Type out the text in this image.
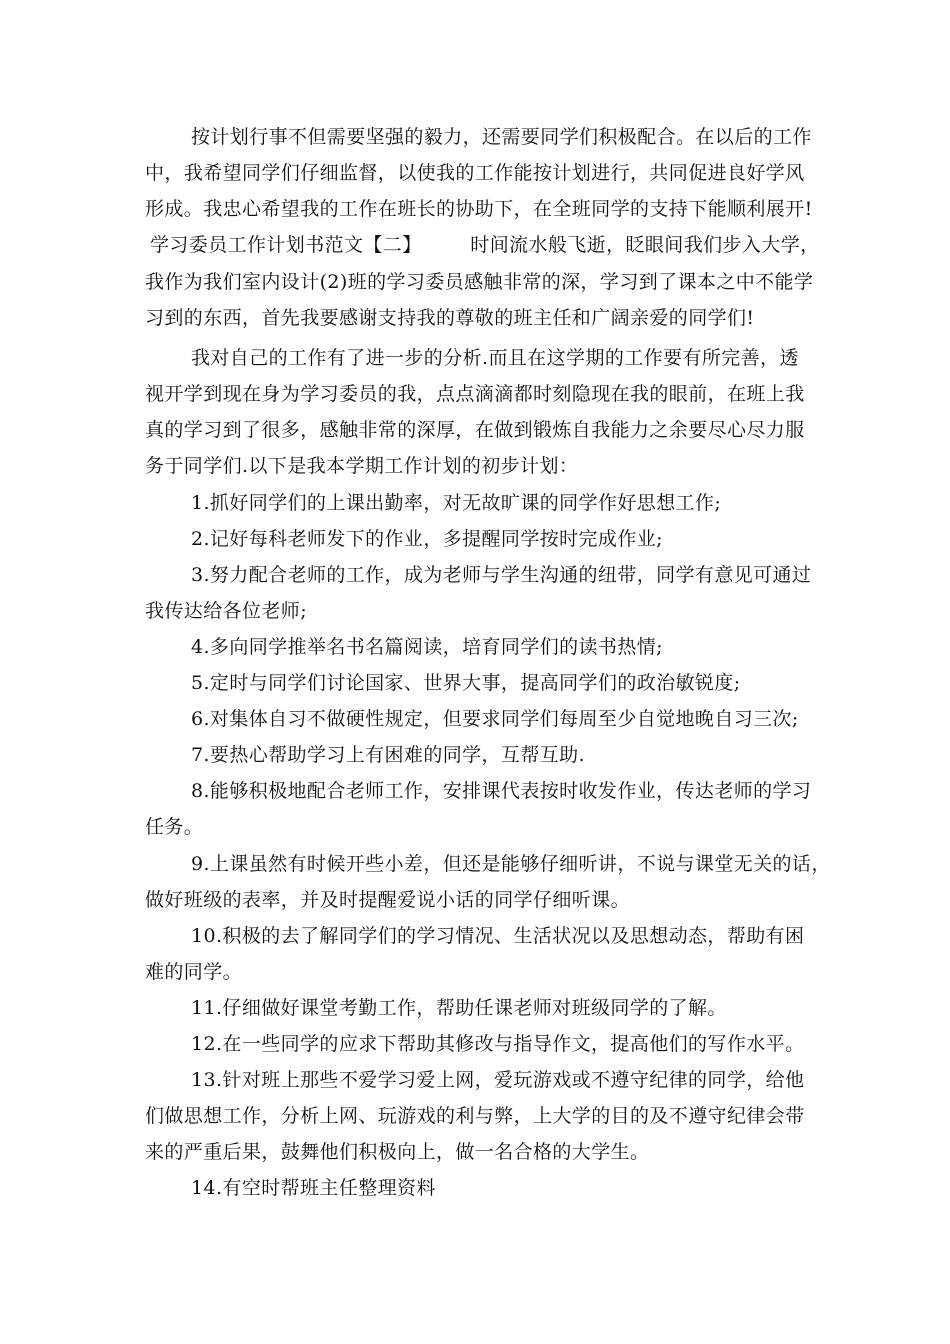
按计划行事不但需要坚强的毅力，还需要同学们积极配合。在以后的工作
中，我希望同学们仔细监督，以使我的工作能按计划进行，共同促进良好学风
形成。我忠心希望我的工作在班长的协助下，在全班同学的支持下能顺利展开!
学习委员工作计划书范文【二】　　　时间流水般飞逝，眨眼间我们步入大学，
我作为我们室内设计(2)班的学习委员感触非常的深，学习到了课本之中不能学
习到的东西，首先我要感谢支持我的尊敬的班主任和广阔亲爱的同学们!
我对自己的工作有了进一步的分析.而且在这学期的工作要有所完善，透
视开学到现在身为学习委员的我，点点滴滴都时刻隐现在我的眼前，在班上我
真的学习到了很多，感触非常的深厚，在做到锻炼自我能力之余要尽心尽力服
务于同学们.以下是我本学期工作计划的初步计划：
1.抓好同学们的上课出勤率，对无故旷课的同学作好思想工作;
2.记好每科老师发下的作业，多提醒同学按时完成作业;
3.努力配合老师的工作，成为老师与学生沟通的纽带，同学有意见可通过
我传达给各位老师;
4.多向同学推举名书名篇阅读，培育同学们的读书热情;
5.定时与同学们讨论国家、世界大事，提高同学们的政治敏锐度;
6.对集体自习不做硬性规定，但要求同学们每周至少自觉地晚自习三次;
7.要热心帮助学习上有困难的同学，互帮互助.
8.能够积极地配合老师工作，安排课代表按时收发作业，传达老师的学习
任务。
9.上课虽然有时候开些小差，但还是能够仔细听讲，不说与课堂无关的话，
做好班级的表率，并及时提醒爱说小话的同学仔细听课。
10.积极的去了解同学们的学习情况、生活状况以及思想动态，帮助有困
难的同学。
11.仔细做好课堂考勤工作，帮助任课老师对班级同学的了解。
12.在一些同学的应求下帮助其修改与指导作文，提高他们的写作水平。
13.针对班上那些不爱学习爱上网，爱玩游戏或不遵守纪律的同学，给他
们做思想工作，分析上网、玩游戏的利与弊，上大学的目的及不遵守纪律会带
来的严重后果，鼓舞他们积极向上，做一名合格的大学生。
14.有空时帮班主任整理资料
